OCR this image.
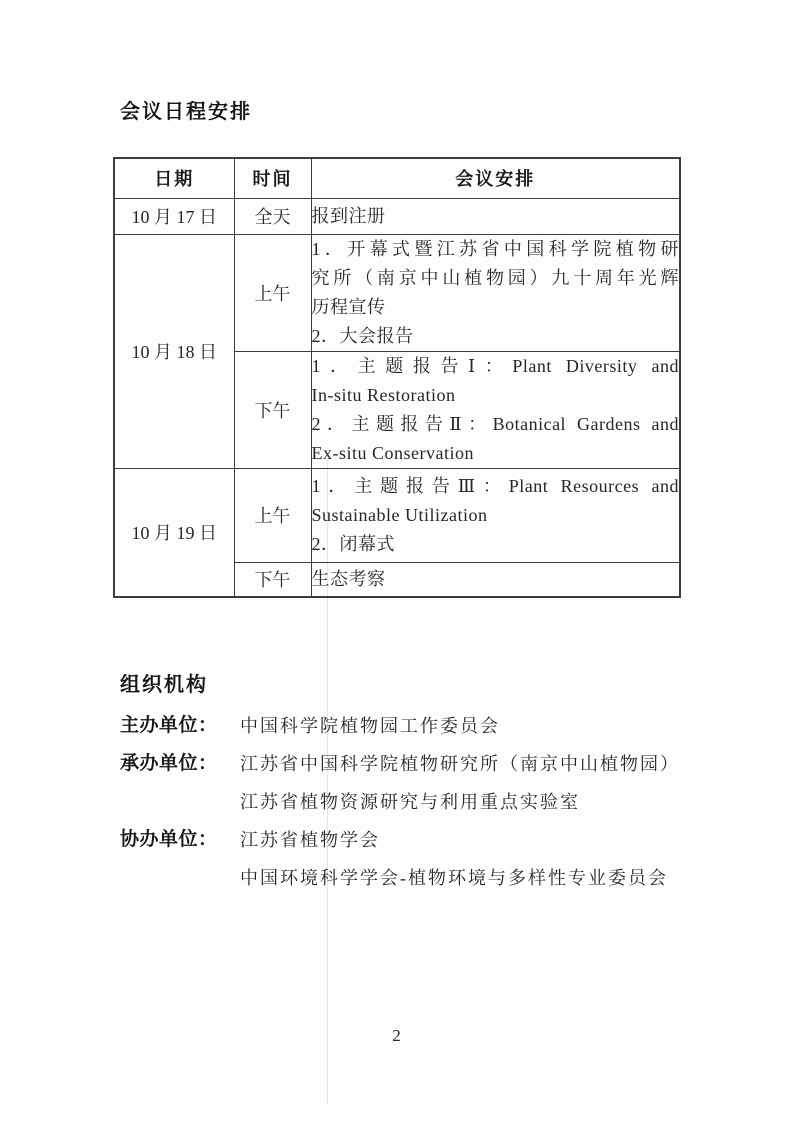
会议日程安排
日期	时间	会议安排
10 月 17 日	全天	报到注册

10 月 18 日	上午	1．开幕式暨江苏省中国科学院植物研
究所（南京中山植物园）九十周年光辉
历程宣传
2．大会报告

	下午	1．主题报告Ⅰ：Plant Diversity and
In-situ Restoration
2．主题报告Ⅱ：Botanical Gardens and
Ex-situ Conservation

10 月 19 日	上午	1．主题报告Ⅲ：Plant Resources and
Sustainable Utilization
2．闭幕式

	下午	生态考察
组织机构
主办单位：	中国科学院植物园工作委员会
承办单位：	江苏省中国科学院植物研究所（南京中山植物园）
江苏省植物资源研究与利用重点实验室
协办单位：	江苏省植物学会
中国环境科学学会-植物环境与多样性专业委员会
2
